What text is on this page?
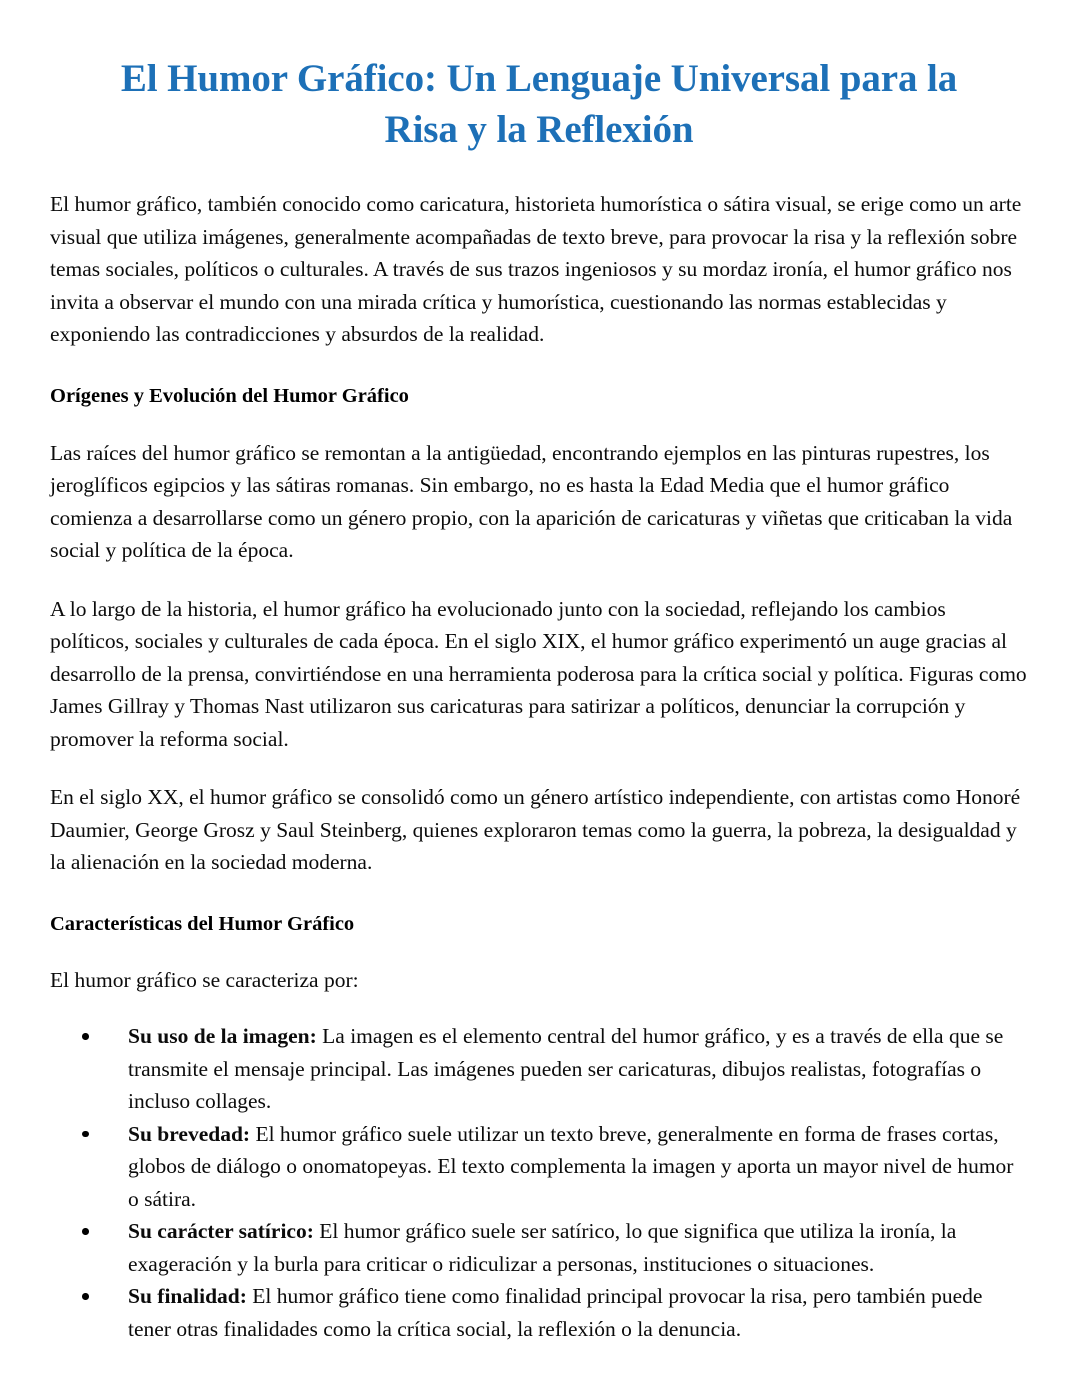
El Humor Gráfico: Un Lenguaje Universal para la Risa y la Reflexión

El humor gráfico, también conocido como caricatura, historieta humorística o sátira visual, se erige como un arte visual que utiliza imágenes, generalmente acompañadas de texto breve, para provocar la risa y la reflexión sobre temas sociales, políticos o culturales. A través de sus trazos ingeniosos y su mordaz ironía, el humor gráfico nos invita a observar el mundo con una mirada crítica y humorística, cuestionando las normas establecidas y exponiendo las contradicciones y absurdos de la realidad.

Orígenes y Evolución del Humor Gráfico

Las raíces del humor gráfico se remontan a la antigüedad, encontrando ejemplos en las pinturas rupestres, los jeroglíficos egipcios y las sátiras romanas. Sin embargo, no es hasta la Edad Media que el humor gráfico comienza a desarrollarse como un género propio, con la aparición de caricaturas y viñetas que criticaban la vida social y política de la época.

A lo largo de la historia, el humor gráfico ha evolucionado junto con la sociedad, reflejando los cambios políticos, sociales y culturales de cada época. En el siglo XIX, el humor gráfico experimentó un auge gracias al desarrollo de la prensa, convirtiéndose en una herramienta poderosa para la crítica social y política. Figuras como James Gillray y Thomas Nast utilizaron sus caricaturas para satirizar a políticos, denunciar la corrupción y promover la reforma social.

En el siglo XX, el humor gráfico se consolidó como un género artístico independiente, con artistas como Honoré Daumier, George Grosz y Saul Steinberg, quienes exploraron temas como la guerra, la pobreza, la desigualdad y la alienación en la sociedad moderna.

Características del Humor Gráfico

El humor gráfico se caracteriza por:

Su uso de la imagen: La imagen es el elemento central del humor gráfico, y es a través de ella que se transmite el mensaje principal. Las imágenes pueden ser caricaturas, dibujos realistas, fotografías o incluso collages.
Su brevedad: El humor gráfico suele utilizar un texto breve, generalmente en forma de frases cortas, globos de diálogo o onomatopeyas. El texto complementa la imagen y aporta un mayor nivel de humor o sátira.
Su carácter satírico: El humor gráfico suele ser satírico, lo que significa que utiliza la ironía, la exageración y la burla para criticar o ridiculizar a personas, instituciones o situaciones.
Su finalidad: El humor gráfico tiene como finalidad principal provocar la risa, pero también puede tener otras finalidades como la crítica social, la reflexión o la denuncia.
